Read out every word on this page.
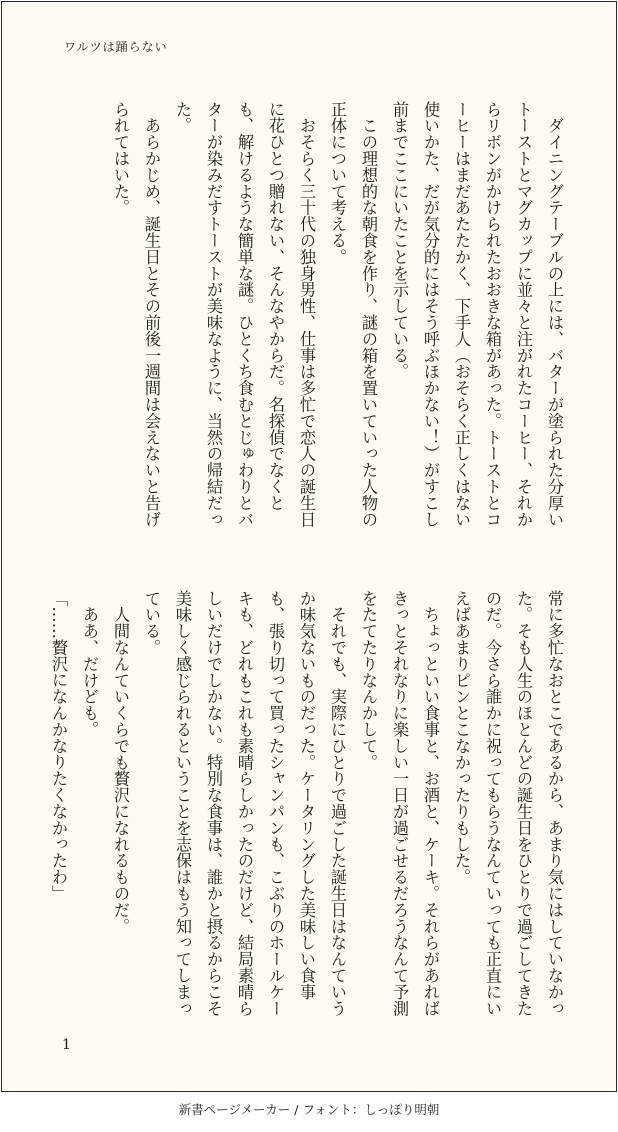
ワルツは踊らない

　ダイニングテーブルの上には、バターが塗られた分厚いトーストとマグカップに並々と注がれたコーヒー、それからリボンがかけられたおおきな箱があった。トーストとコーヒーはまだあたたかく、下手人（おそらく正しくはない使いかた、だが気分的にはそう呼ぶほかない！）がすこし前までここにいたことを示している。

　この理想的な朝食を作り、謎の箱を置いていった人物の正体について考える。

　おそらく三十代の独身男性、仕事は多忙で恋人の誕生日に花ひとつ贈れない、そんなやからだ。名探偵でなくとも、解けるような簡単な謎。ひとくち食むとじゅわりとバターが染みだすトーストが美味なように、当然の帰結だった。

　あらかじめ、誕生日とその前後一週間は会えないと告げられてはいた。

常に多忙なおとこであるから、あまり気にはしていなかった。そも人生のほとんどの誕生日をひとりで過ごしてきたのだ。今さら誰かに祝ってもらうなんていっても正直にいえばあまりピンとこなかったりもした。

　ちょっといい食事と、お酒と、ケーキ。それらがあればきっとそれなりに楽しい一日が過ごせるだろうなんて予測をたてたりなんかして。

　それでも、実際にひとりで過ごした誕生日はなんていうか味気ないものだった。ケータリングした美味しい食事も、張り切って買ったシャンパンも、こぶりのホールケーキも、どれもこれも素晴らしかったのだけど、結局素晴らしいだけでしかない。特別な食事は、誰かと摂るからこそ美味しく感じられるということを志保はもう知ってしまっている。

　人間なんていくらでも贅沢になれるものだ。

　ああ、だけども。

「……贅沢になんかなりたくなかったわ」

1
新書ページメーカー / フォント：しっぽり明朝
